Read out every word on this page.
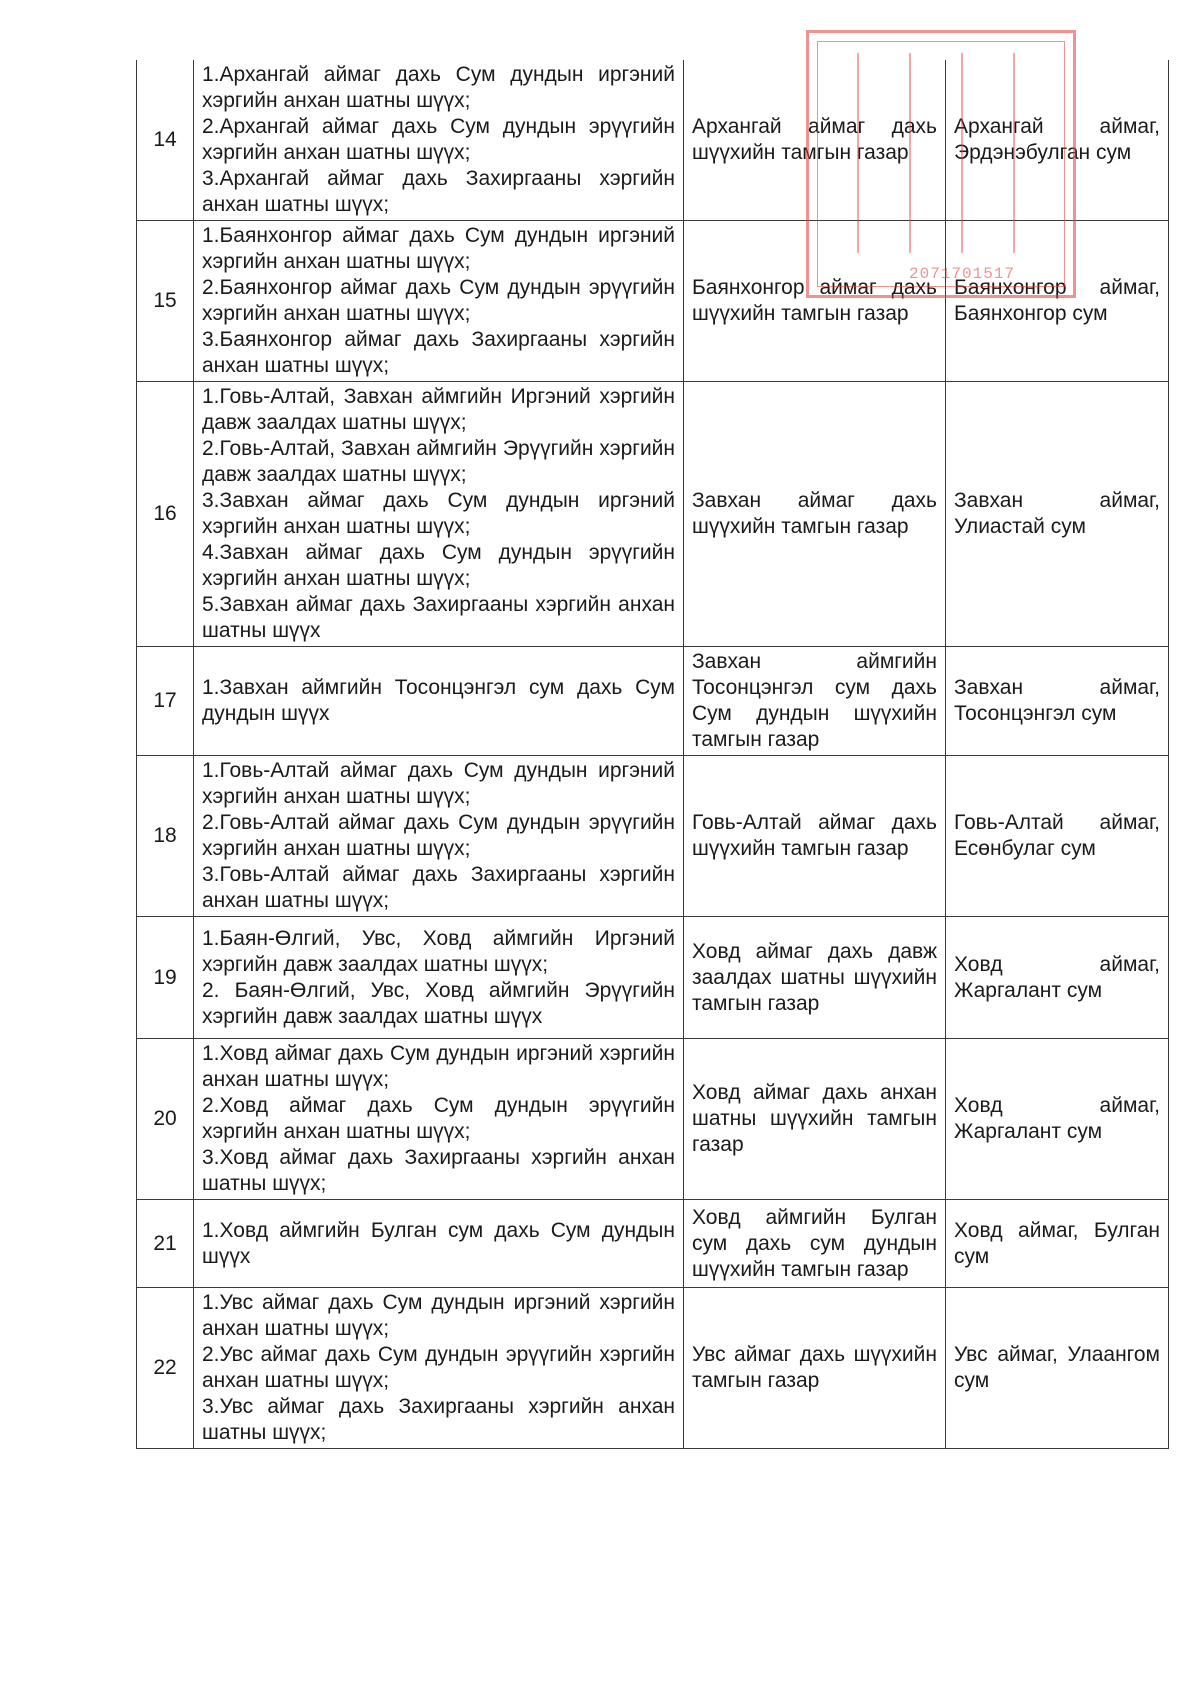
14	1.Архангай аймаг дахь Сум дундын иргэний хэргийн анхан шатны шүүх;
2.Архангай аймаг дахь Сум дундын эрүүгийн хэргийн анхан шатны шүүх;
3.Архангай аймаг дахь Захиргааны хэргийн анхан шатны шүүх;	Архангай аймаг дахь шүүхийн тамгын газар	Архангай аймаг, Эрдэнэбулган сум
15	1.Баянхонгор аймаг дахь Сум дундын иргэний хэргийн анхан шатны шүүх;
2.Баянхонгор аймаг дахь Сум дундын эрүүгийн хэргийн анхан шатны шүүх;
3.Баянхонгор аймаг дахь Захиргааны хэргийн анхан шатны шүүх;	Баянхонгор аймаг дахь шүүхийн тамгын газар	Баянхонгор аймаг, Баянхонгор сум
16	1.Говь-Алтай, Завхан аймгийн Иргэний хэргийн давж заалдах шатны шүүх;
2.Говь-Алтай, Завхан аймгийн Эрүүгийн хэргийн давж заалдах шатны шүүх;
3.Завхан аймаг дахь Сум дундын иргэний хэргийн анхан шатны шүүх;
4.Завхан аймаг дахь Сум дундын эрүүгийн хэргийн анхан шатны шүүх;
5.Завхан аймаг дахь Захиргааны хэргийн анхан шатны шүүх	Завхан аймаг дахь шүүхийн тамгын газар	Завхан аймаг, Улиастай сум
17	1.Завхан аймгийн Тосонцэнгэл сум дахь Сум дундын шүүх	Завхан аймгийн Тосонцэнгэл сум дахь Сум дундын шүүхийн тамгын газар	Завхан аймаг, Тосонцэнгэл сум
18	1.Говь-Алтай аймаг дахь Сум дундын иргэний хэргийн анхан шатны шүүх;
2.Говь-Алтай аймаг дахь Сум дундын эрүүгийн хэргийн анхан шатны шүүх;
3.Говь-Алтай аймаг дахь Захиргааны хэргийн анхан шатны шүүх;	Говь-Алтай аймаг дахь шүүхийн тамгын газар	Говь-Алтай аймаг, Есөнбулаг сум
19	1.Баян-Өлгий, Увс, Ховд аймгийн Иргэний хэргийн давж заалдах шатны шүүх;
2. Баян-Өлгий, Увс, Ховд аймгийн Эрүүгийн хэргийн давж заалдах шатны шүүх	Ховд аймаг дахь давж заалдах шатны шүүхийн тамгын газар	Ховд аймаг, Жаргалант сум
20	1.Ховд аймаг дахь Сум дундын иргэний хэргийн анхан шатны шүүх;
2.Ховд аймаг дахь Сум дундын эрүүгийн хэргийн анхан шатны шүүх;
3.Ховд аймаг дахь Захиргааны хэргийн анхан шатны шүүх;	Ховд аймаг дахь анхан шатны шүүхийн тамгын газар	Ховд аймаг, Жаргалант сум
21	1.Ховд аймгийн Булган сум дахь Сум дундын шүүх	Ховд аймгийн Булган сум дахь сум дундын шүүхийн тамгын газар	Ховд аймаг, Булган сум
22	1.Увс аймаг дахь Сум дундын иргэний хэргийн анхан шатны шүүх;
2.Увс аймаг дахь Сум дундын эрүүгийн хэргийн анхан шатны шүүх;
3.Увс аймаг дахь Захиргааны хэргийн анхан шатны шүүх;	Увс аймаг дахь шүүхийн тамгын газар	Увс аймаг, Улаангом сум
2071701517
